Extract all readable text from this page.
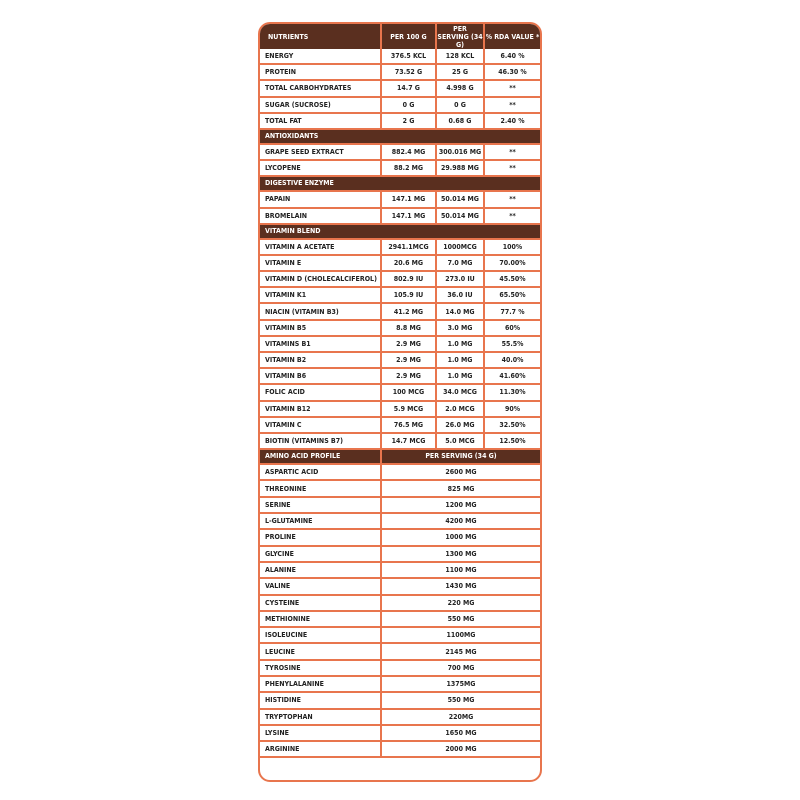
NUTRIENTS	PER 100 G	PER SERVING (34 G)	% RDA VALUE *
ENERGY	376.5 KCL	128 KCL	6.40 %
PROTEIN	73.52 G	25 G	46.30 %
TOTAL CARBOHYDRATES	14.7 G	4.998 G	**
SUGAR (SUCROSE)	0 G	0 G	**
TOTAL FAT	2 G	0.68 G	2.40 %
ANTIOXIDANTS			
GRAPE SEED EXTRACT	882.4 MG	300.016 MG	**
LYCOPENE	88.2 MG	29.988 MG	**
DIGESTIVE ENZYME			
PAPAIN	147.1 MG	50.014 MG	**
BROMELAIN	147.1 MG	50.014 MG	**
VITAMIN BLEND			
VITAMIN A ACETATE	2941.1MCG	1000MCG	100%
VITAMIN E	20.6 MG	7.0 MG	70.00%
VITAMIN D (CHOLECALCIFEROL)	802.9 IU	273.0 IU	45.50%
VITAMIN K1	105.9 IU	36.0 IU	65.50%
NIACIN (VITAMIN B3)	41.2 MG	14.0 MG	77.7 %
VITAMIN B5	8.8 MG	3.0 MG	60%
VITAMINS B1	2.9 MG	1.0 MG	55.5%
VITAMIN B2	2.9 MG	1.0 MG	40.0%
VITAMIN B6	2.9 MG	1.0 MG	41.60%
FOLIC ACID	100 MCG	34.0 MCG	11.30%
VITAMIN B12	5.9 MCG	2.0 MCG	90%
VITAMIN C	76.5 MG	26.0 MG	32.50%
BIOTIN (VITAMINS B7)	14.7 MCG	5.0 MCG	12.50%
AMINO ACID PROFILE	PER SERVING (34 G)		
ASPARTIC ACID	2600 MG		
THREONINE	825 MG		
SERINE	1200 MG		
L-GLUTAMINE	4200 MG		
PROLINE	1000 MG		
GLYCINE	1300 MG		
ALANINE	1100 MG		
VALINE	1430 MG		
CYSTEINE	220 MG		
METHIONINE	550 MG		
ISOLEUCINE	1100MG		
LEUCINE	2145 MG		
TYROSINE	700 MG		
PHENYLALANINE	1375MG		
HISTIDINE	550 MG		
TRYPTOPHAN	220MG		
LYSINE	1650 MG		
ARGININE	2000 MG		
